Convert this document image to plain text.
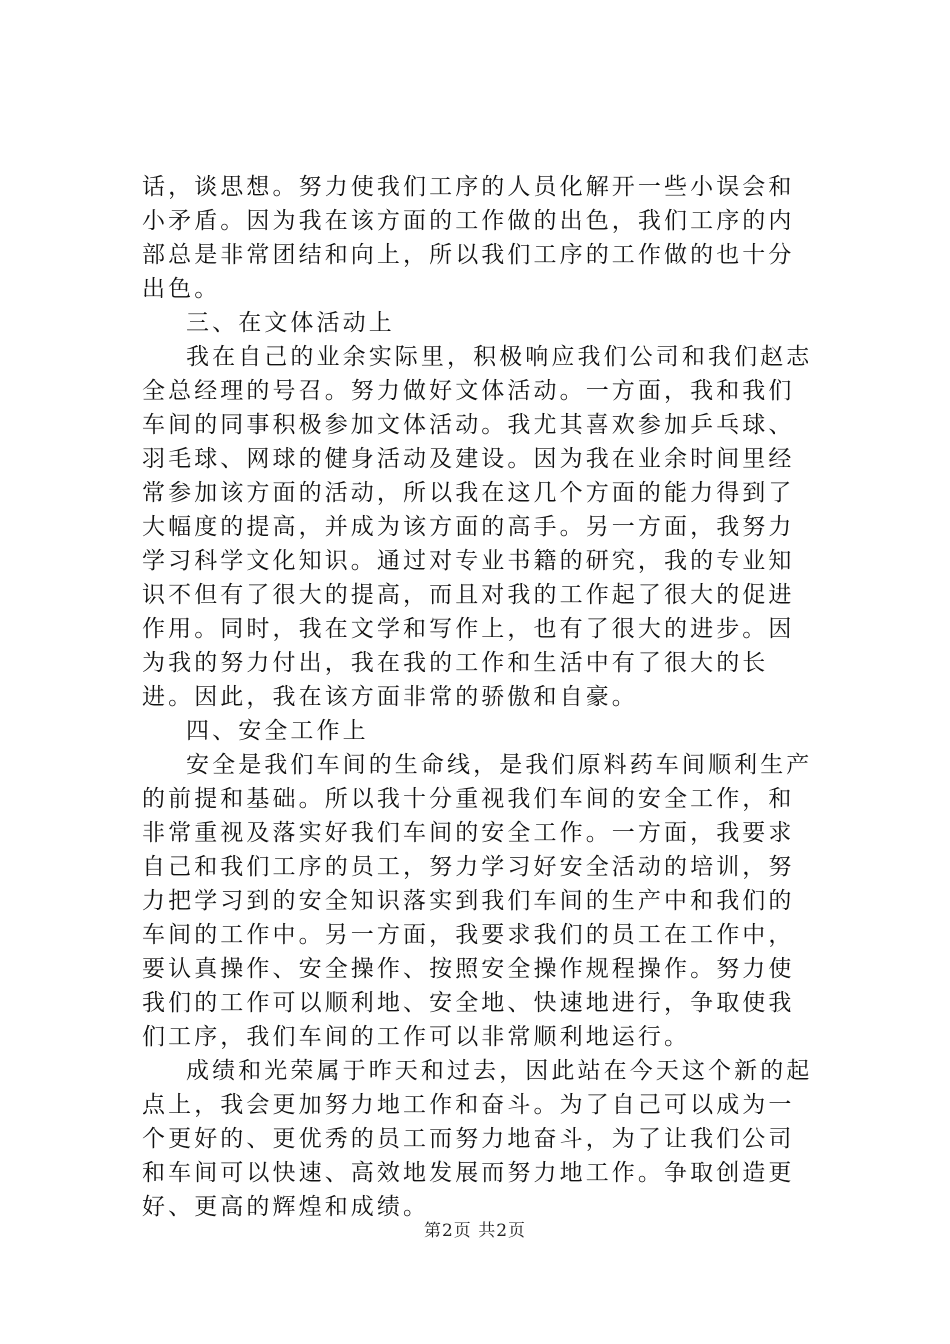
话，谈思想。努力使我们工序的人员化解开一些小误会和小矛盾。因为我在该方面的工作做的出色，我们工序的内部总是非常团结和向上，所以我们工序的工作做的也十分出色。

三、在文体活动上

我在自己的业余实际里，积极响应我们公司和我们赵志全总经理的号召。努力做好文体活动。一方面，我和我们车间的同事积极参加文体活动。我尤其喜欢参加乒乓球、羽毛球、网球的健身活动及建设。因为我在业余时间里经常参加该方面的活动，所以我在这几个方面的能力得到了大幅度的提高，并成为该方面的高手。另一方面，我努力学习科学文化知识。通过对专业书籍的研究，我的专业知识不但有了很大的提高，而且对我的工作起了很大的促进作用。同时，我在文学和写作上，也有了很大的进步。因为我的努力付出，我在我的工作和生活中有了很大的长进。因此，我在该方面非常的骄傲和自豪。

四、安全工作上

安全是我们车间的生命线，是我们原料药车间顺利生产的前提和基础。所以我十分重视我们车间的安全工作，和非常重视及落实好我们车间的安全工作。一方面，我要求自己和我们工序的员工，努力学习好安全活动的培训，努力把学习到的安全知识落实到我们车间的生产中和我们的车间的工作中。另一方面，我要求我们的员工在工作中，要认真操作、安全操作、按照安全操作规程操作。努力使我们的工作可以顺利地、安全地、快速地进行，争取使我们工序，我们车间的工作可以非常顺利地运行。

成绩和光荣属于昨天和过去，因此站在今天这个新的起点上，我会更加努力地工作和奋斗。为了自己可以成为一个更好的、更优秀的员工而努力地奋斗，为了让我们公司和车间可以快速、高效地发展而努力地工作。争取创造更好、更高的辉煌和成绩。

第2页 共2页
